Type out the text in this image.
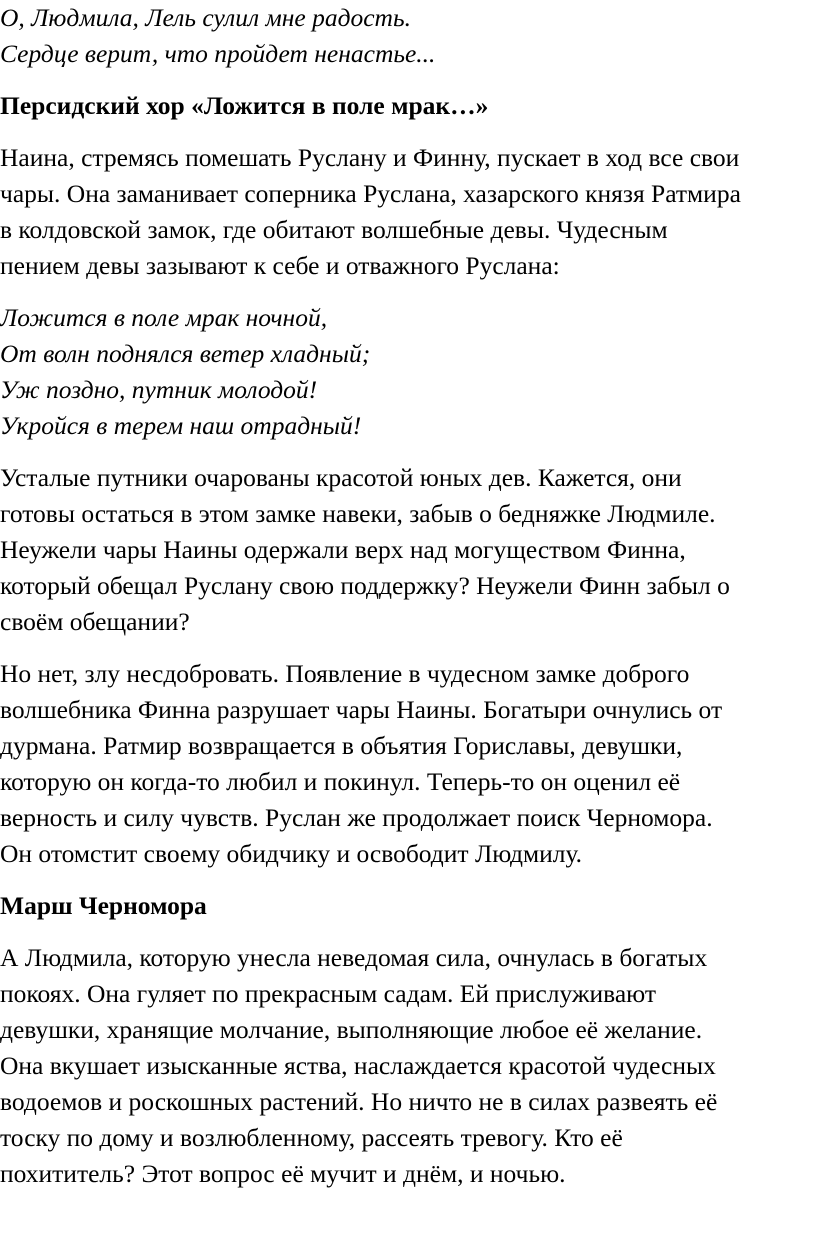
О, Людмила, Лель сулил мне радость.
Сердце верит, что пройдет ненастье...
Персидский хор «Ложится в поле мрак…»
Наина, стремясь помешать Руслану и Финну, пускает в ход все свои
чары. Она заманивает соперника Руслана, хазарского князя Ратмира
в колдовской замок, где обитают волшебные девы. Чудесным
пением девы зазывают к себе и отважного Руслана:
Ложится в поле мрак ночной,
От волн поднялся ветер хладный;
Уж поздно, путник молодой!
Укройся в терем наш отрадный!
Усталые путники очарованы красотой юных дев. Кажется, они
готовы остаться в этом замке навеки, забыв о бедняжке Людмиле.
Неужели чары Наины одержали верх над могуществом Финна,
который обещал Руслану свою поддержку? Неужели Финн забыл о
своём обещании?
Но нет, злу несдобровать. Появление в чудесном замке доброго
волшебника Финна разрушает чары Наины. Богатыри очнулись от
дурмана. Ратмир возвращается в объятия Гориславы, девушки,
которую он когда-то любил и покинул. Теперь-то он оценил её
верность и силу чувств. Руслан же продолжает поиск Черномора.
Он отомстит своему обидчику и освободит Людмилу.
Марш Черномора
А Людмила, которую унесла неведомая сила, очнулась в богатых
покоях. Она гуляет по прекрасным садам. Ей прислуживают
девушки, хранящие молчание, выполняющие любое её желание.
Она вкушает изысканные яства, наслаждается красотой чудесных
водоемов и роскошных растений. Но ничто не в силах развеять её
тоску по дому и возлюбленному, рассеять тревогу. Кто её
похититель? Этот вопрос её мучит и днём, и ночью.
